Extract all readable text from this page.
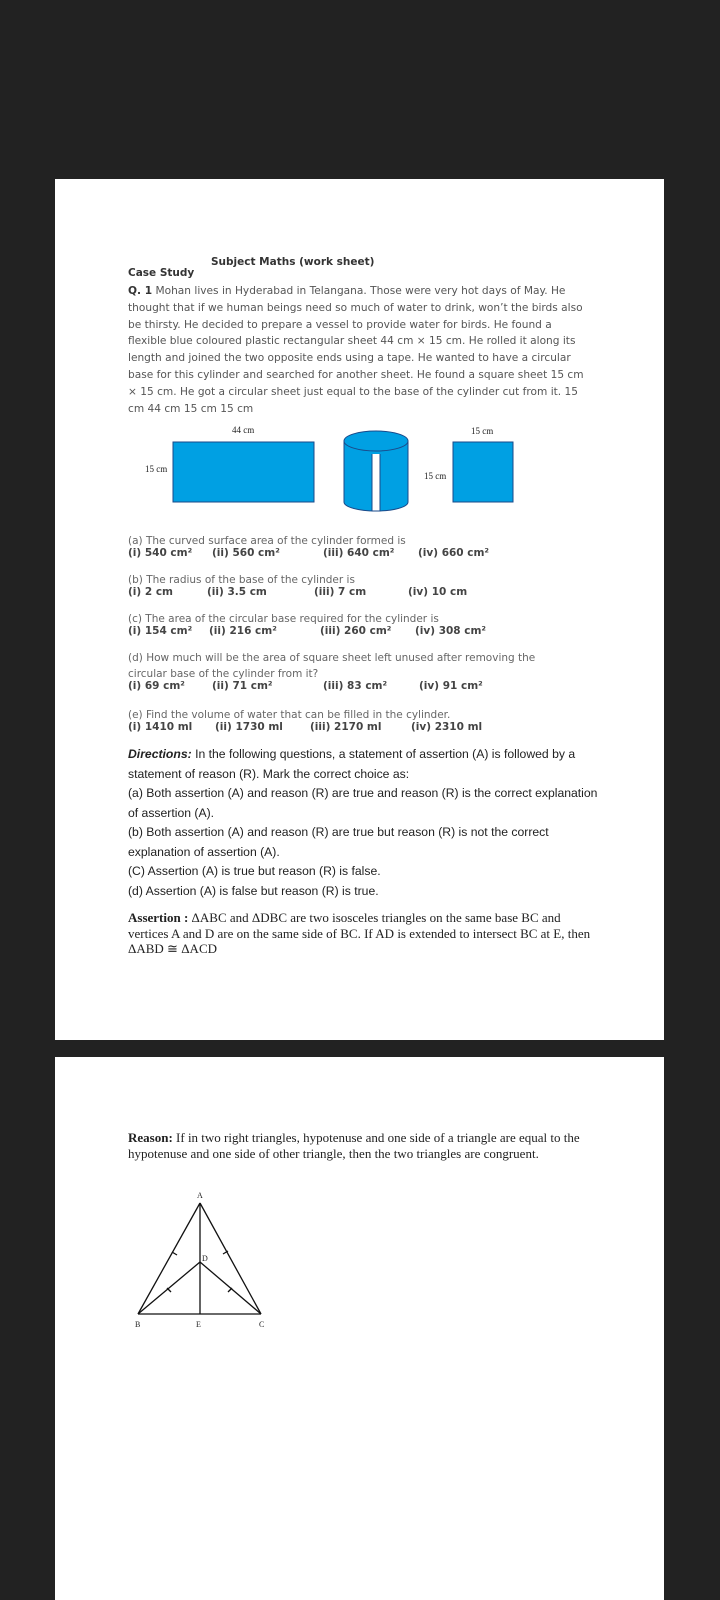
Subject Maths (work sheet)
Case Study
Q. 1 Mohan lives in Hyderabad in Telangana. Those were very hot days of May. He thought that if we human beings need so much of water to drink, won’t the birds also be thirsty. He decided to prepare a vessel to provide water for birds. He found a flexible blue coloured plastic rectangular sheet 44 cm × 15 cm. He rolled it along its length and joined the two opposite ends using a tape. He wanted to have a circular base for this cylinder and searched for another sheet. He found a square sheet 15 cm × 15 cm. He got a circular sheet just equal to the base of the cylinder cut from it. 15 cm 44 cm 15 cm 15 cm
44 cm
15 cm
15 cm
15 cm
(a) The curved surface area of the cylinder formed is
(i) 540 cm² (ii) 560 cm²	(iii) 640 cm² (iv) 660 cm²
(b) The radius of the base of the cylinder is
(i) 2 cm	(ii) 3.5 cm	(iii) 7 cm	(iv) 10 cm
(c) The area of the circular base required for the cylinder is
(i) 154 cm² (ii) 216 cm²	(iii) 260 cm² (iv) 308 cm²
(d) How much will be the area of square sheet left unused after removing the
circular base of the cylinder from it?
(i) 69 cm²	(ii) 71 cm²	(iii) 83 cm²	(iv) 91 cm²
(e) Find the volume of water that can be filled in the cylinder.
(i) 1410 ml (ii) 1730 ml	(iii) 2170 ml	(iv) 2310 ml
Directions: In the following questions, a statement of assertion (A) is followed by a statement of reason (R). Mark the correct choice as:
(a) Both assertion (A) and reason (R) are true and reason (R) is the correct explanation of assertion (A).
(b) Both assertion (A) and reason (R) are true but reason (R) is not the correct explanation of assertion (A).
(C) Assertion (A) is true but reason (R) is false.
(d) Assertion (A) is false but reason (R) is true.
Assertion : ΔABC and ΔDBC are two isosceles triangles on the same base BC and vertices A and D are on the same side of BC. If AD is extended to intersect BC at E, then ΔABD ≅ ΔACD
Reason: If in two right triangles, hypotenuse and one side of a triangle are equal to the hypotenuse and one side of other triangle, then the two triangles are congruent.
A
D
B	E	C
